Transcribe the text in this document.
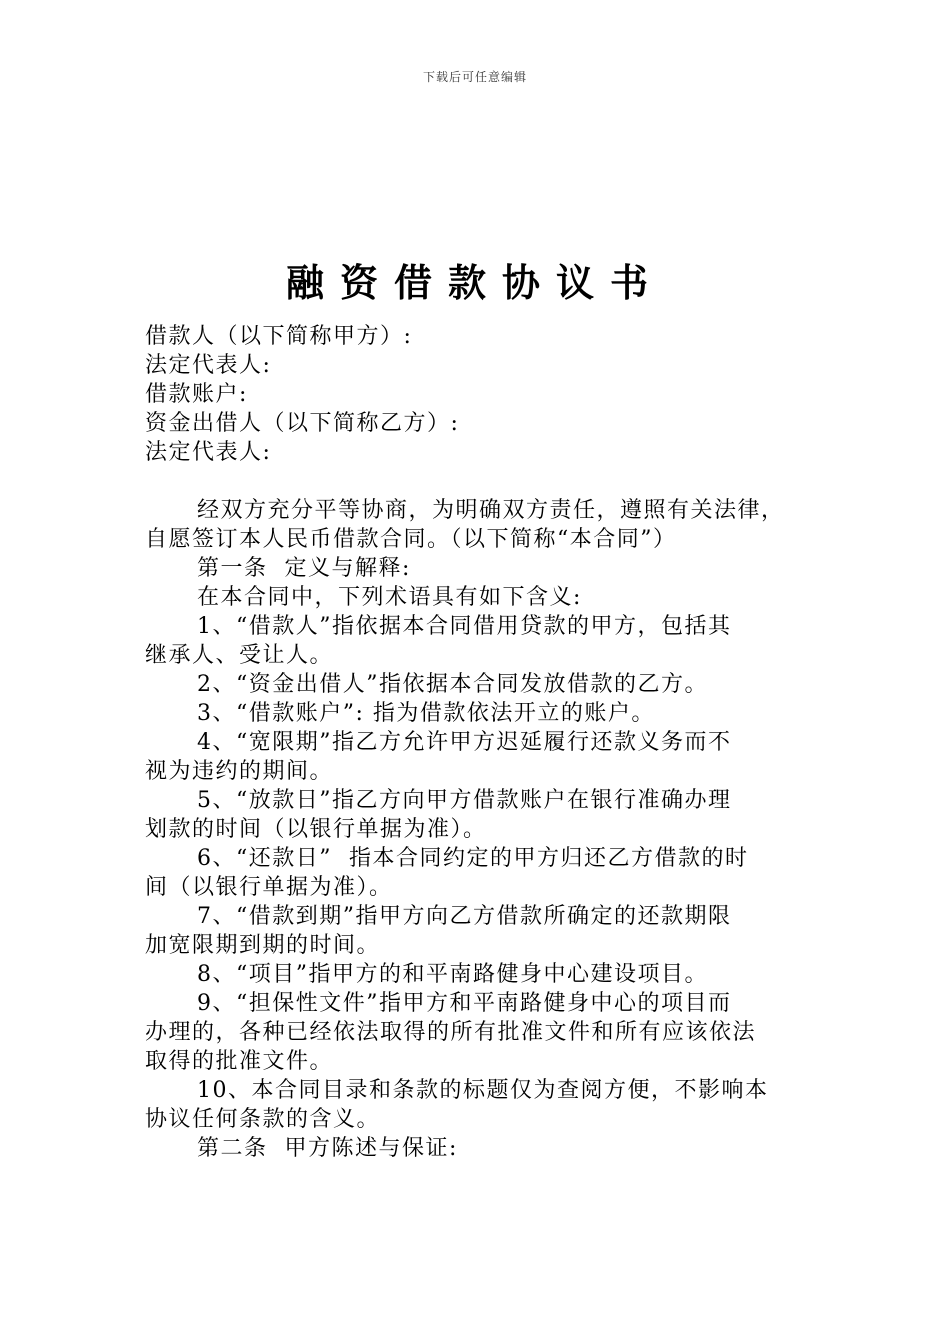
下载后可任意编辑
融资借款协议书

借款人（以下简称甲方）:

法定代表人:

借款账户:

资金出借人（以下简称乙方）:

法定代表人:

经双方充分平等协商，为明确双方责任，遵照有关法律，

自愿签订本人民币借款合同。（以下简称“本合同”）

第一条  定义与解释:

在本合同中，下列术语具有如下含义:

1、“借款人”指依据本合同借用贷款的甲方，包括其

继承人、受让人。

2、“资金出借人”指依据本合同发放借款的乙方。

3、“借款账户”: 指为借款依法开立的账户。

4、“宽限期”指乙方允许甲方迟延履行还款义务而不

视为违约的期间。

5、“放款日”指乙方向甲方借款账户在银行准确办理

划款的时间（以银行单据为准）。

6、“还款日”  指本合同约定的甲方归还乙方借款的时

间（以银行单据为准）。

7、“借款到期”指甲方向乙方借款所确定的还款期限

加宽限期到期的时间。

8、“项目”指甲方的和平南路健身中心建设项目。

9、“担保性文件”指甲方和平南路健身中心的项目而

办理的，各种已经依法取得的所有批准文件和所有应该依法

取得的批准文件。

10、本合同目录和条款的标题仅为查阅方便，不影响本

协议任何条款的含义。

第二条  甲方陈述与保证:
